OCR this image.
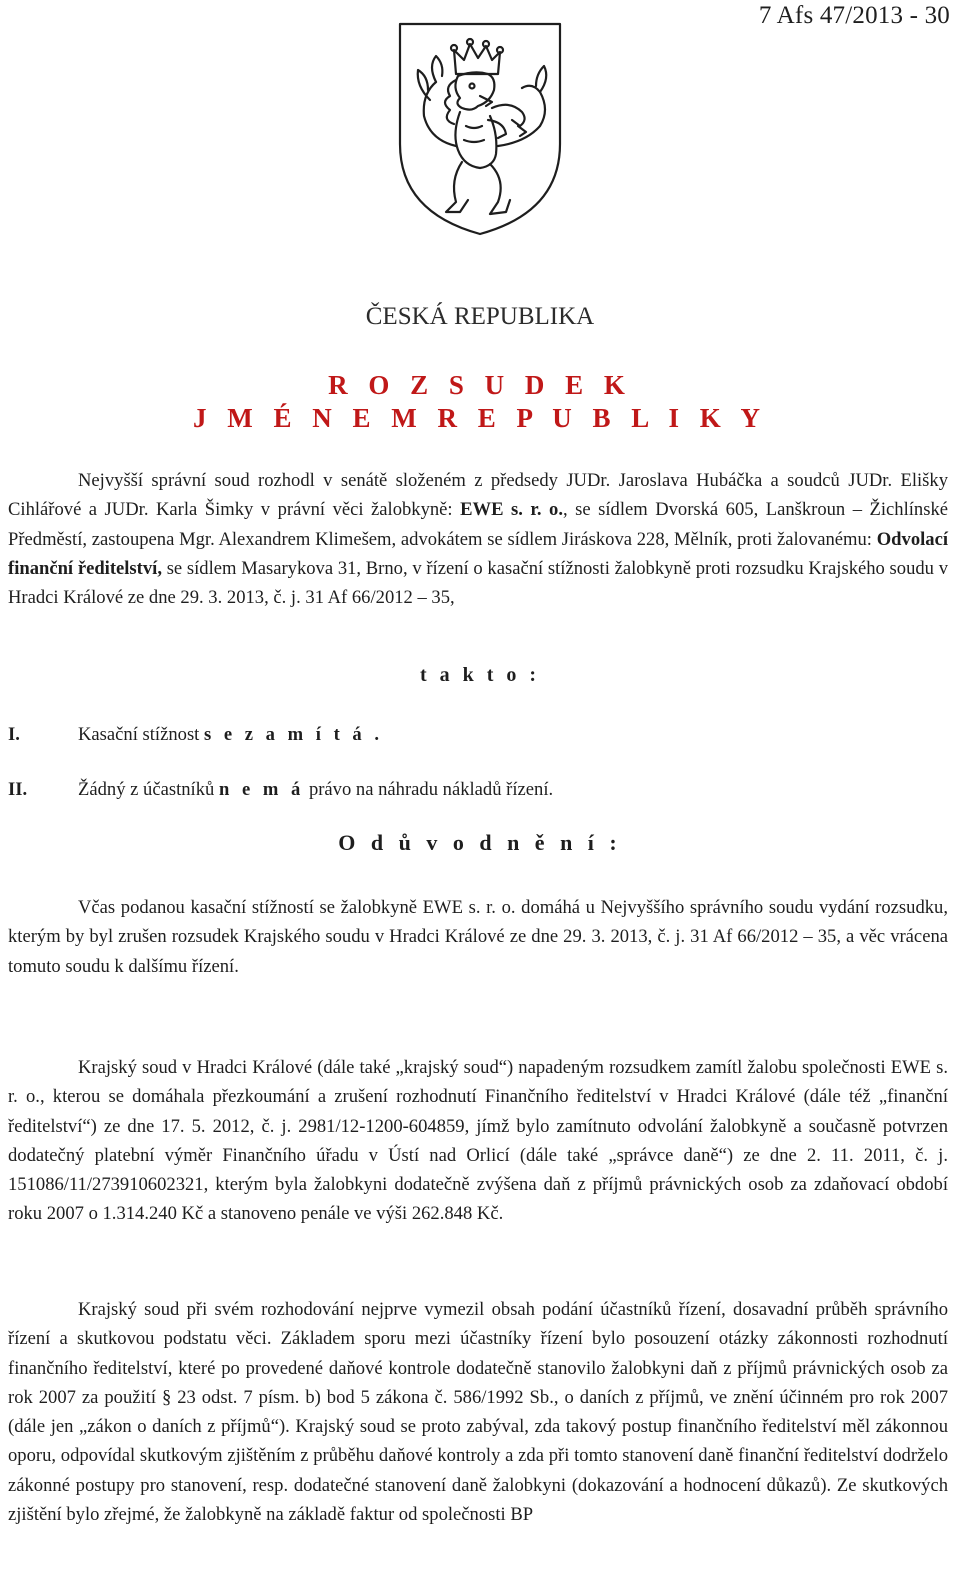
7 Afs 47/2013 - 30
ČESKÁ REPUBLIKA
R O Z S U D E K
J M É N E M R E P U B L I K Y

Nejvyšší správní soud rozhodl v senátě složeném z předsedy JUDr. Jaroslava Hubáčka a soudců JUDr. Elišky Cihlářové a JUDr. Karla Šimky v právní věci žalobkyně: EWE s. r. o., se sídlem Dvorská 605, Lanškroun – Žichlínské Předměstí, zastoupena Mgr. Alexandrem Klimešem, advokátem se sídlem Jiráskova 228, Mělník, proti žalovanému: Odvolací finanční ředitelství, se sídlem Masarykova 31, Brno, v řízení o kasační stížnosti žalobkyně proti rozsudku Krajského soudu v Hradci Králové ze dne 29. 3. 2013, č. j. 31 Af 66/2012 – 35,

t a k t o :
I.	Kasační stížnost s e z a m í t á .
II.	Žádný z účastníků n e m á právo na náhradu nákladů řízení.
O d ů v o d n ě n í :

Včas podanou kasační stížností se žalobkyně EWE s. r. o. domáhá u Nejvyššího správního soudu vydání rozsudku, kterým by byl zrušen rozsudek Krajského soudu v Hradci Králové ze dne 29. 3. 2013, č. j. 31 Af 66/2012 – 35, a věc vrácena tomuto soudu k dalšímu řízení.

Krajský soud v Hradci Králové (dále také „krajský soud“) napadeným rozsudkem zamítl žalobu společnosti EWE s. r. o., kterou se domáhala přezkoumání a zrušení rozhodnutí Finančního ředitelství v Hradci Králové (dále též „finanční ředitelství“) ze dne 17. 5. 2012, č. j. 2981/12-1200-604859, jímž bylo zamítnuto odvolání žalobkyně a současně potvrzen dodatečný platební výměr Finančního úřadu v Ústí nad Orlicí (dále také „správce daně“) ze dne 2. 11. 2011, č. j. 151086/11/273910602321, kterým byla žalobkyni dodatečně zvýšena daň z příjmů právnických osob za zdaňovací období roku 2007 o 1.314.240 Kč a stanoveno penále ve výši 262.848 Kč.

Krajský soud při svém rozhodování nejprve vymezil obsah podání účastníků řízení, dosavadní průběh správního řízení a skutkovou podstatu věci. Základem sporu mezi účastníky řízení bylo posouzení otázky zákonnosti rozhodnutí finančního ředitelství, které po provedené daňové kontrole dodatečně stanovilo žalobkyni daň z příjmů právnických osob za rok 2007 za použití § 23 odst. 7 písm. b) bod 5 zákona č. 586/1992 Sb., o daních z příjmů, ve znění účinném pro rok 2007 (dále jen „zákon o daních z příjmů“). Krajský soud se proto zabýval, zda takový postup finančního ředitelství měl zákonnou oporu, odpovídal skutkovým zjištěním z průběhu daňové kontroly a zda při tomto stanovení daně finanční ředitelství dodrželo zákonné postupy pro stanovení, resp. dodatečné stanovení daně žalobkyni (dokazování a hodnocení důkazů). Ze skutkových zjištění bylo zřejmé, že žalobkyně na základě faktur od společnosti BP
